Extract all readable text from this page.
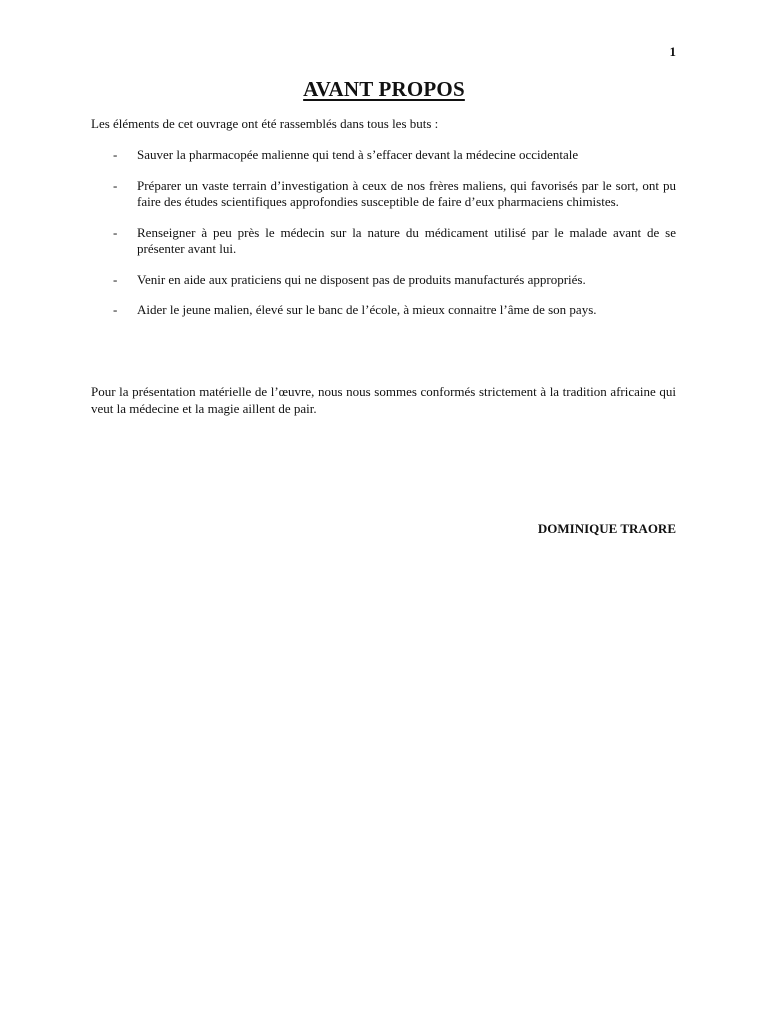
1
AVANT PROPOS
Les éléments de cet ouvrage ont été rassemblés dans tous les buts :
- Sauver la pharmacopée malienne qui tend à s’effacer devant la médecine occidentale
- Préparer un vaste terrain d’investigation à ceux de nos frères maliens, qui favorisés par le sort, ont pu faire des études scientifiques approfondies susceptible de faire d’eux pharmaciens chimistes.
- Renseigner à peu près le médecin sur la nature du médicament utilisé par le malade avant de se présenter avant lui.
- Venir en aide aux praticiens qui ne disposent pas de produits manufacturés appropriés.
- Aider le jeune malien, élevé sur le banc de l’école, à mieux connaitre l’âme de son pays.
Pour la présentation matérielle de l’œuvre, nous nous sommes conformés strictement à la tradition africaine qui veut la médecine et la magie aillent de pair.
DOMINIQUE TRAORE
